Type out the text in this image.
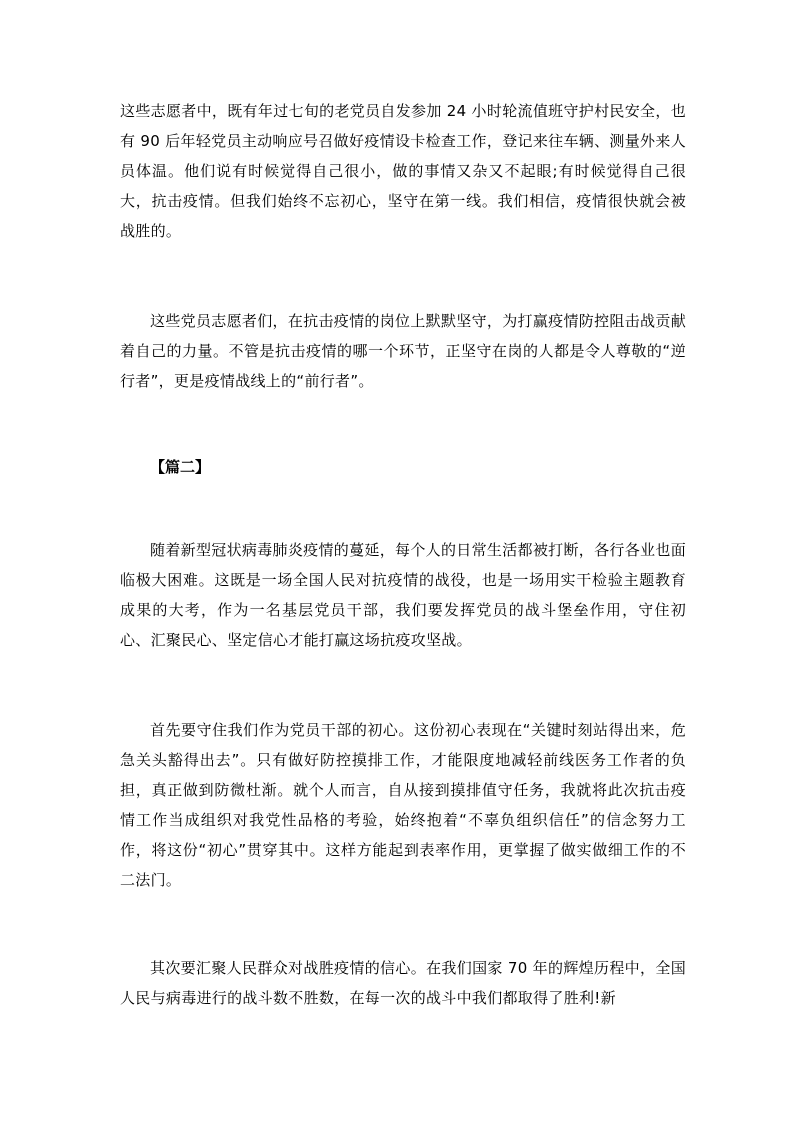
这些志愿者中，既有年过七旬的老党员自发参加 24 小时轮流值班守护村民安全，也有 90 后年轻党员主动响应号召做好疫情设卡检查工作，登记来往车辆、测量外来人员体温。他们说有时候觉得自己很小，做的事情又杂又不起眼;有时候觉得自己很大，抗击疫情。但我们始终不忘初心，坚守在第一线。我们相信，疫情很快就会被战胜的。

这些党员志愿者们，在抗击疫情的岗位上默默坚守，为打赢疫情防控阻击战贡献着自己的力量。不管是抗击疫情的哪一个环节，正坚守在岗的人都是令人尊敬的“逆行者”，更是疫情战线上的“前行者”。

【篇二】

随着新型冠状病毒肺炎疫情的蔓延，每个人的日常生活都被打断，各行各业也面临极大困难。这既是一场全国人民对抗疫情的战役，也是一场用实干检验主题教育成果的大考，作为一名基层党员干部，我们要发挥党员的战斗堡垒作用，守住初心、汇聚民心、坚定信心才能打赢这场抗疫攻坚战。

首先要守住我们作为党员干部的初心。这份初心表现在“关键时刻站得出来，危急关头豁得出去”。只有做好防控摸排工作，才能限度地减轻前线医务工作者的负担，真正做到防微杜渐。就个人而言，自从接到摸排值守任务，我就将此次抗击疫情工作当成组织对我党性品格的考验，始终抱着“不辜负组织信任”的信念努力工作，将这份“初心”贯穿其中。这样方能起到表率作用，更掌握了做实做细工作的不二法门。

其次要汇聚人民群众对战胜疫情的信心。在我们国家 70 年的辉煌历程中，全国人民与病毒进行的战斗数不胜数，在每一次的战斗中我们都取得了胜利!新
